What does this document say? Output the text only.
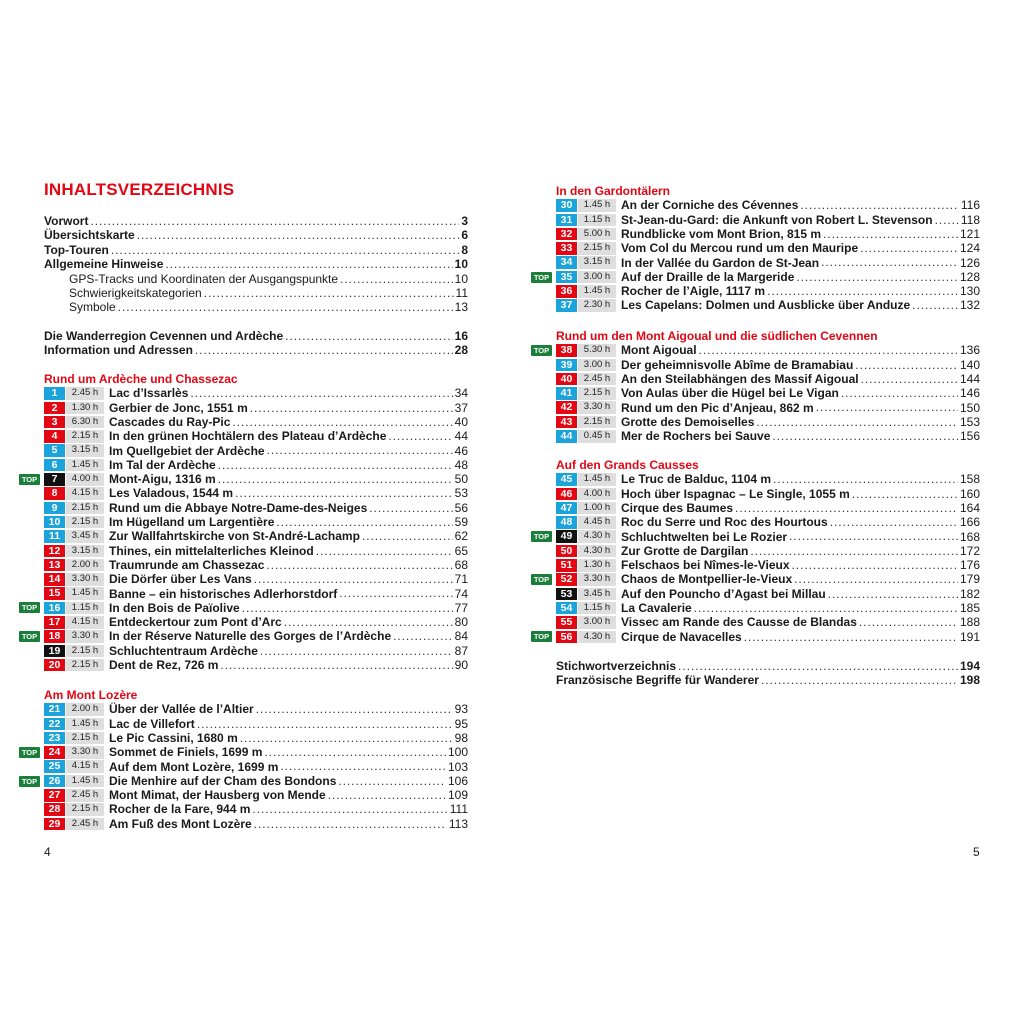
INHALTSVERZEICHNIS
Vorwort . . .	3
Übersichtskarte . . .	6
Top-Touren . . .	8
Allgemeine Hinweise . . .	10
GPS-Tracks und Koordinaten der Ausgangspunkte . . .	10
Schwierigkeitskategorien . . .	11
Symbole . . .	13
Die Wanderregion Cevennen und Ardèche . . .	16
Information und Adressen . . .	28
Rund um Ardèche und Chassezac
1	2.45 h Lac d’Issarlès . . .	34
2	1.30 h Gerbier de Jonc, 1551 m . . .	37
3	6.30 h Cascades du Ray-Pic . . .	40
4	2.15 h In den grünen Hochtälern des Plateau d’Ardèche . . .	44
5	3.15 h Im Quellgebiet der Ardèche . . .	46
6	1.45 h Im Tal der Ardèche . . .	48
TOP	7	4.00 h Mont-Aigu, 1316 m . . .	50
8	4.15 h Les Valadous, 1544 m . . .	53
9	2.15 h Rund um die Abbaye Notre-Dame-des-Neiges . . .	56
10	2.15 h Im Hügelland um Largentière . . .	59
11	3.45 h Zur Wallfahrtskirche von St-André-Lachamp . . .	62
12	3.15 h Thines, ein mittelalterliches Kleinod . . .	65
13	2.00 h Traumrunde am Chassezac . . .	68
14	3.30 h Die Dörfer über Les Vans . . .	71
15	1.45 h Banne – ein historisches Adlerhorstdorf . . .	74
TOP	16	1.15 h In den Bois de Païolive . . .	77
17	4.15 h Entdeckertour zum Pont d’Arc . . .	80
TOP	18	3.30 h In der Réserve Naturelle des Gorges de l’Ardèche . . .	84
19	2.15 h Schluchtentraum Ardèche . . .	87
20	2.15 h Dent de Rez, 726 m . . .	90
Am Mont Lozère
21	2.00 h Über der Vallée de l’Altier . . .	93
22	1.45 h Lac de Villefort . . .	95
23	2.15 h Le Pic Cassini, 1680 m . . .	98
TOP	24	3.30 h Sommet de Finiels, 1699 m . . .	100
25	4.15 h Auf dem Mont Lozère, 1699 m . . .	103
TOP	26	1.45 h Die Menhire auf der Cham des Bondons . . .	106
27	2.45 h Mont Mimat, der Hausberg von Mende . . .	109
28	2.15 h Rocher de la Fare, 944 m . . .	111
29	2.45 h Am Fuß des Mont Lozère . . .	113
4
In den Gardontälern
30	1.45 h An der Corniche des Cévennes . . .	116
31	1.15 h St-Jean-du-Gard: die Ankunft von Robert L. Stevenson . . . 118
32	5.00 h Rundblicke vom Mont Brion, 815 m . . .	121
33	2.15 h Vom Col du Mercou rund um den Mauripe . . .	124
34	3.15 h In der Vallée du Gardon de St-Jean . . .	126
TOP	35	3.00 h Auf der Draille de la Margeride . . .	128
36	1.45 h Rocher de l’Aigle, 1117 m . . .	130
37	2.30 h Les Capelans: Dolmen und Ausblicke über Anduze . . .	132
Rund um den Mont Aigoual und die südlichen Cevennen
TOP	38	5.30 h Mont Aigoual . . .	136
39	3.00 h Der geheimnisvolle Abîme de Bramabiau . . .	140
40	2.45 h An den Steilabhängen des Massif Aigoual . . .	144
41	2.15 h Von Aulas über die Hügel bei Le Vigan . . .	146
42	3.30 h Rund um den Pic d’Anjeau, 862 m . . .	150
43	2.15 h Grotte des Demoiselles . . .	153
44	0.45 h Mer de Rochers bei Sauve . . .	156
Auf den Grands Causses
45	1.45 h Le Truc de Balduc, 1104 m . . .	158
46	4.00 h Hoch über Ispagnac – Le Single, 1055 m . . .	160
47	1.00 h Cirque des Baumes . . .	164
48	4.45 h Roc du Serre und Roc des Hourtous . . .	166
TOP	49	4.30 h Schluchtwelten bei Le Rozier . . .	168
50	4.30 h Zur Grotte de Dargilan . . .	172
51	1.30 h Felschaos bei Nîmes-le-Vieux . . .	176
TOP	52	3.30 h Chaos de Montpellier-le-Vieux . . .	179
53	3.45 h Auf den Pouncho d’Agast bei Millau . . .	182
54	1.15 h La Cavalerie . . .	185
55	3.00 h Vissec am Rande des Causse de Blandas . . .	188
TOP	56	4.30 h Cirque de Navacelles . . .	191
Stichwortverzeichnis . . .	194
Französische Begriffe für Wanderer . . .	198
5
